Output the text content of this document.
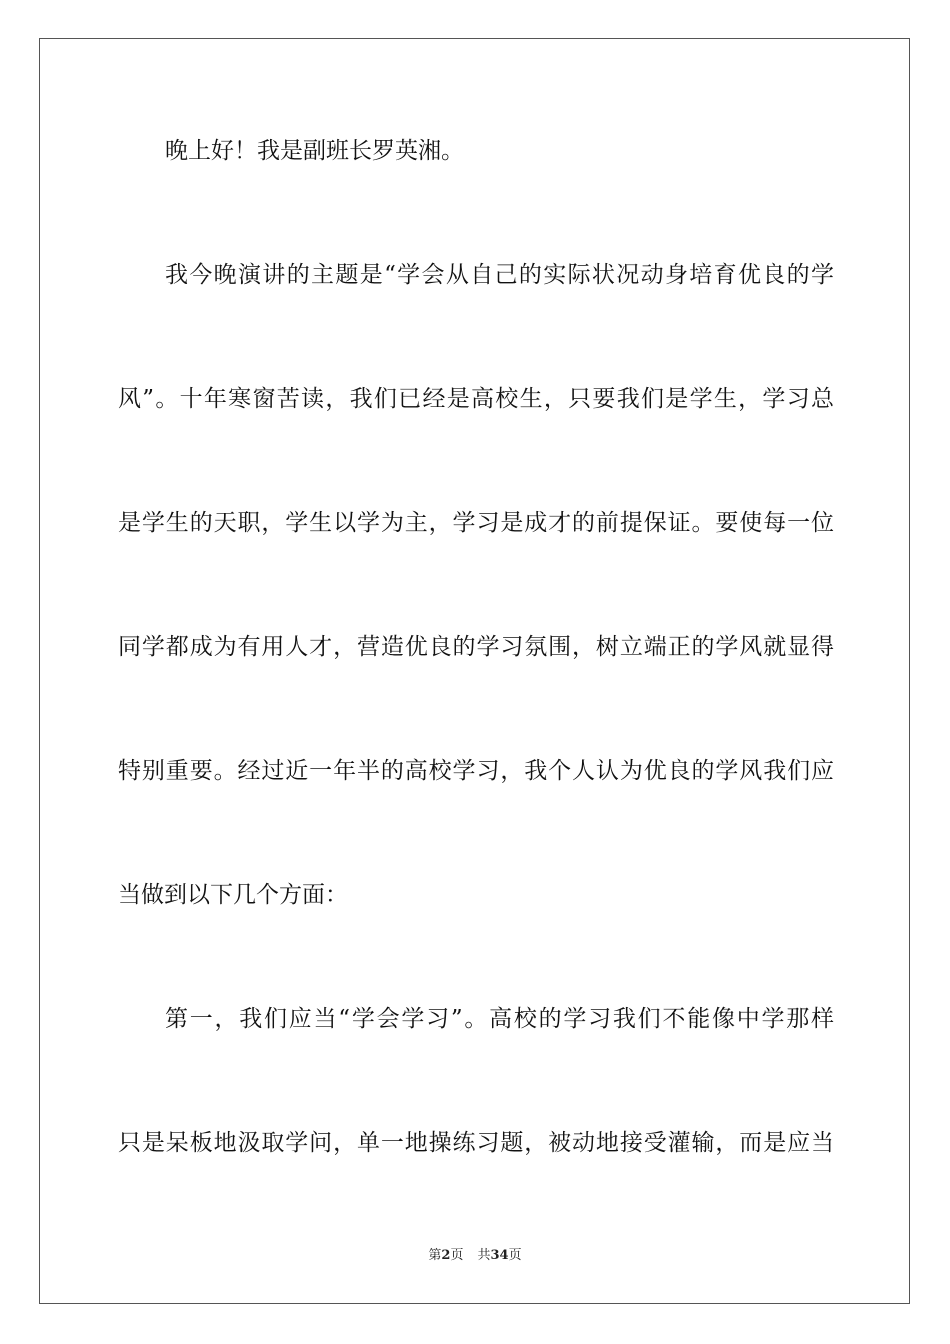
晚上好！我是副班长罗英湘。
我今晚演讲的主题是“学会从自己的实际状况动身培育优良的学
风”。十年寒窗苦读，我们已经是高校生，只要我们是学生，学习总
是学生的天职，学生以学为主，学习是成才的前提保证。要使每一位
同学都成为有用人才，营造优良的学习氛围，树立端正的学风就显得
特别重要。经过近一年半的高校学习，我个人认为优良的学风我们应
当做到以下几个方面：
第一，我们应当“学会学习”。高校的学习我们不能像中学那样
只是呆板地汲取学问，单一地操练习题，被动地接受灌输，而是应当
第2页 共34页
